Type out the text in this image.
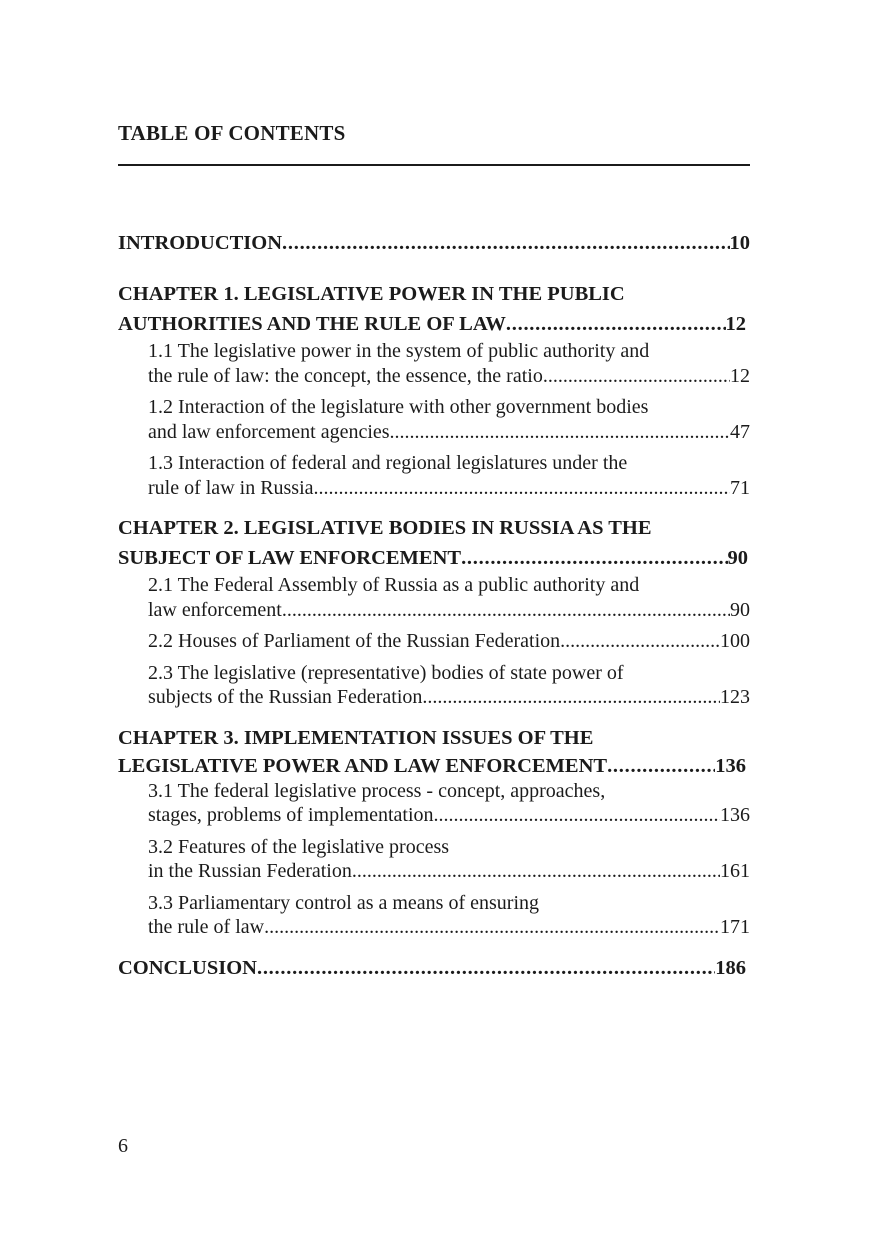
TABLE OF CONTENTS
INTRODUCTION . . .	10
CHAPTER 1. LEGISLATIVE POWER IN THE PUBLIC
AUTHORITIES AND THE RULE OF LAW . . .	12
1.1 The legislative power in the system of public authority and
the rule of law: the concept, the essence, the ratio . . .	12
1.2 Interaction of the legislature with other government bodies
and law enforcement agencies . . .	47
1.3 Interaction of federal and regional legislatures under the
rule of law in Russia . . .	71
CHAPTER 2. LEGISLATIVE BODIES IN RUSSIA AS THE
SUBJECT OF LAW ENFORCEMENT . . .	90
2.1 The Federal Assembly of Russia as a public authority and
law enforcement . . .	90
2.2 Houses of Parliament of the Russian Federation . . .	100
2.3 The legislative (representative) bodies of state power of
subjects of the Russian Federation . . .	123
CHAPTER 3. IMPLEMENTATION ISSUES OF THE
LEGISLATIVE POWER AND LAW ENFORCEMENT . . .	136
3.1 The federal legislative process - concept, approaches,
stages, problems of implementation . . .	136
3.2 Features of the legislative process
in the Russian Federation . . .	161
3.3 Parliamentary control as a means of ensuring
the rule of law . . .	171
CONCLUSION . . .	186

6
